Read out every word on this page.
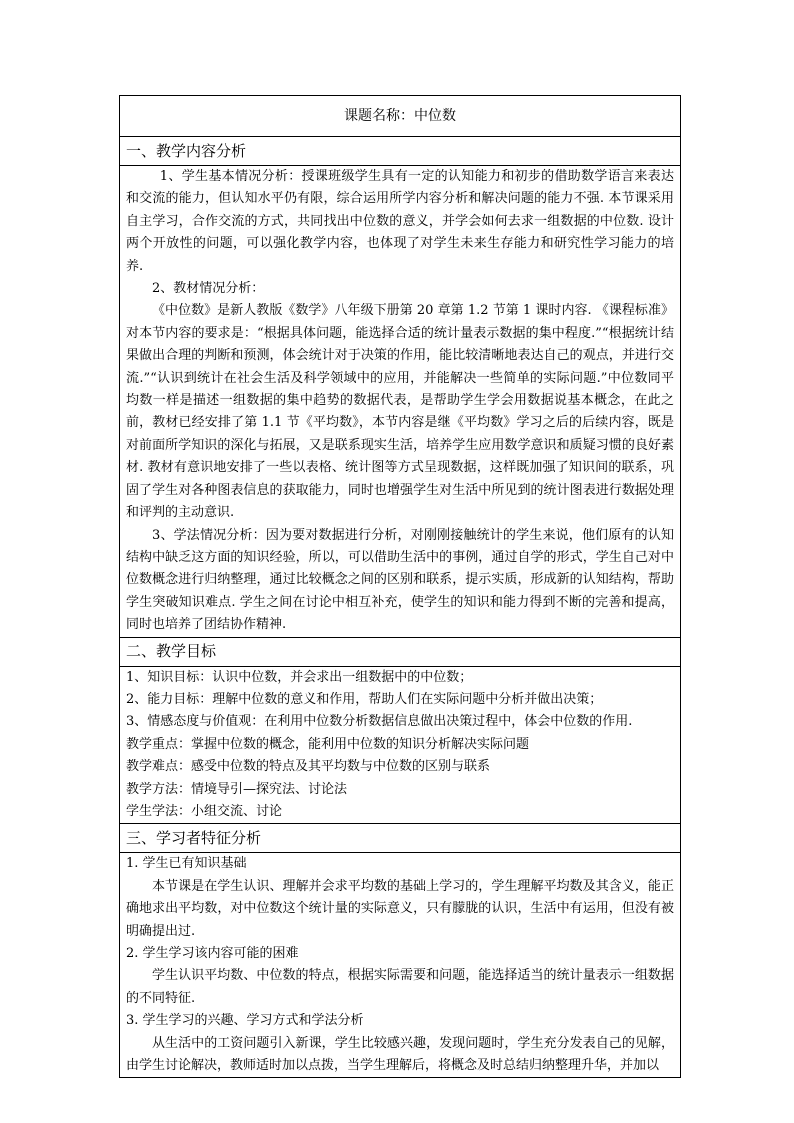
课题名称：中位数
一、教学内容分析

1、学生基本情况分析：授课班级学生具有一定的认知能力和初步的借助数学语言来表达和交流的能力，但认知水平仍有限，综合运用所学内容分析和解决问题的能力不强. 本节课采用自主学习，合作交流的方式，共同找出中位数的意义，并学会如何去求一组数据的中位数. 设计两个开放性的问题，可以强化教学内容，也体现了对学生未来生存能力和研究性学习能力的培养.

2、教材情况分析：

《中位数》是新人教版《数学》八年级下册第 20 章第 1.2 节第 1 课时内容. 《课程标准》对本节内容的要求是：“根据具体问题，能选择合适的统计量表示数据的集中程度.”“根据统计结果做出合理的判断和预测，体会统计对于决策的作用，能比较清晰地表达自己的观点，并进行交流.”“认识到统计在社会生活及科学领域中的应用，并能解决一些简单的实际问题.”中位数同平均数一样是描述一组数据的集中趋势的数据代表，是帮助学生学会用数据说基本概念，在此之前，教材已经安排了第 1.1 节《平均数》，本节内容是继《平均数》学习之后的后续内容，既是对前面所学知识的深化与拓展，又是联系现实生活，培养学生应用数学意识和质疑习惯的良好素材. 教材有意识地安排了一些以表格、统计图等方式呈现数据，这样既加强了知识间的联系，巩固了学生对各种图表信息的获取能力，同时也增强学生对生活中所见到的统计图表进行数据处理和评判的主动意识.

3、学法情况分析：因为要对数据进行分析，对刚刚接触统计的学生来说，他们原有的认知结构中缺乏这方面的知识经验，所以，可以借助生活中的事例，通过自学的形式，学生自己对中位数概念进行归纳整理，通过比较概念之间的区别和联系，提示实质，形成新的认知结构，帮助学生突破知识难点. 学生之间在讨论中相互补充，使学生的知识和能力得到不断的完善和提高，同时也培养了团结协作精神.

二、教学目标

1、知识目标：认识中位数，并会求出一组数据中的中位数；
2、能力目标：理解中位数的意义和作用，帮助人们在实际问题中分析并做出决策；
3、情感态度与价值观：在利用中位数分析数据信息做出决策过程中，体会中位数的作用.
教学重点：掌握中位数的概念，能利用中位数的知识分析解决实际问题
教学难点：感受中位数的特点及其平均数与中位数的区别与联系
教学方法：情境导引—探究法、讨论法
学生学法：小组交流、讨论

三、学习者特征分析

1. 学生已有知识基础

本节课是在学生认识、理解并会求平均数的基础上学习的，学生理解平均数及其含义，能正确地求出平均数，对中位数这个统计量的实际意义，只有朦胧的认识，生活中有运用，但没有被明确提出过.

2. 学生学习该内容可能的困难

学生认识平均数、中位数的特点，根据实际需要和问题，能选择适当的统计量表示一组数据的不同特征.

3. 学生学习的兴趣、学习方式和学法分析

从生活中的工资问题引入新课，学生比较感兴趣，发现问题时，学生充分发表自己的见解，由学生讨论解决，教师适时加以点拨，当学生理解后，将概念及时总结归纳整理升华，并加以
